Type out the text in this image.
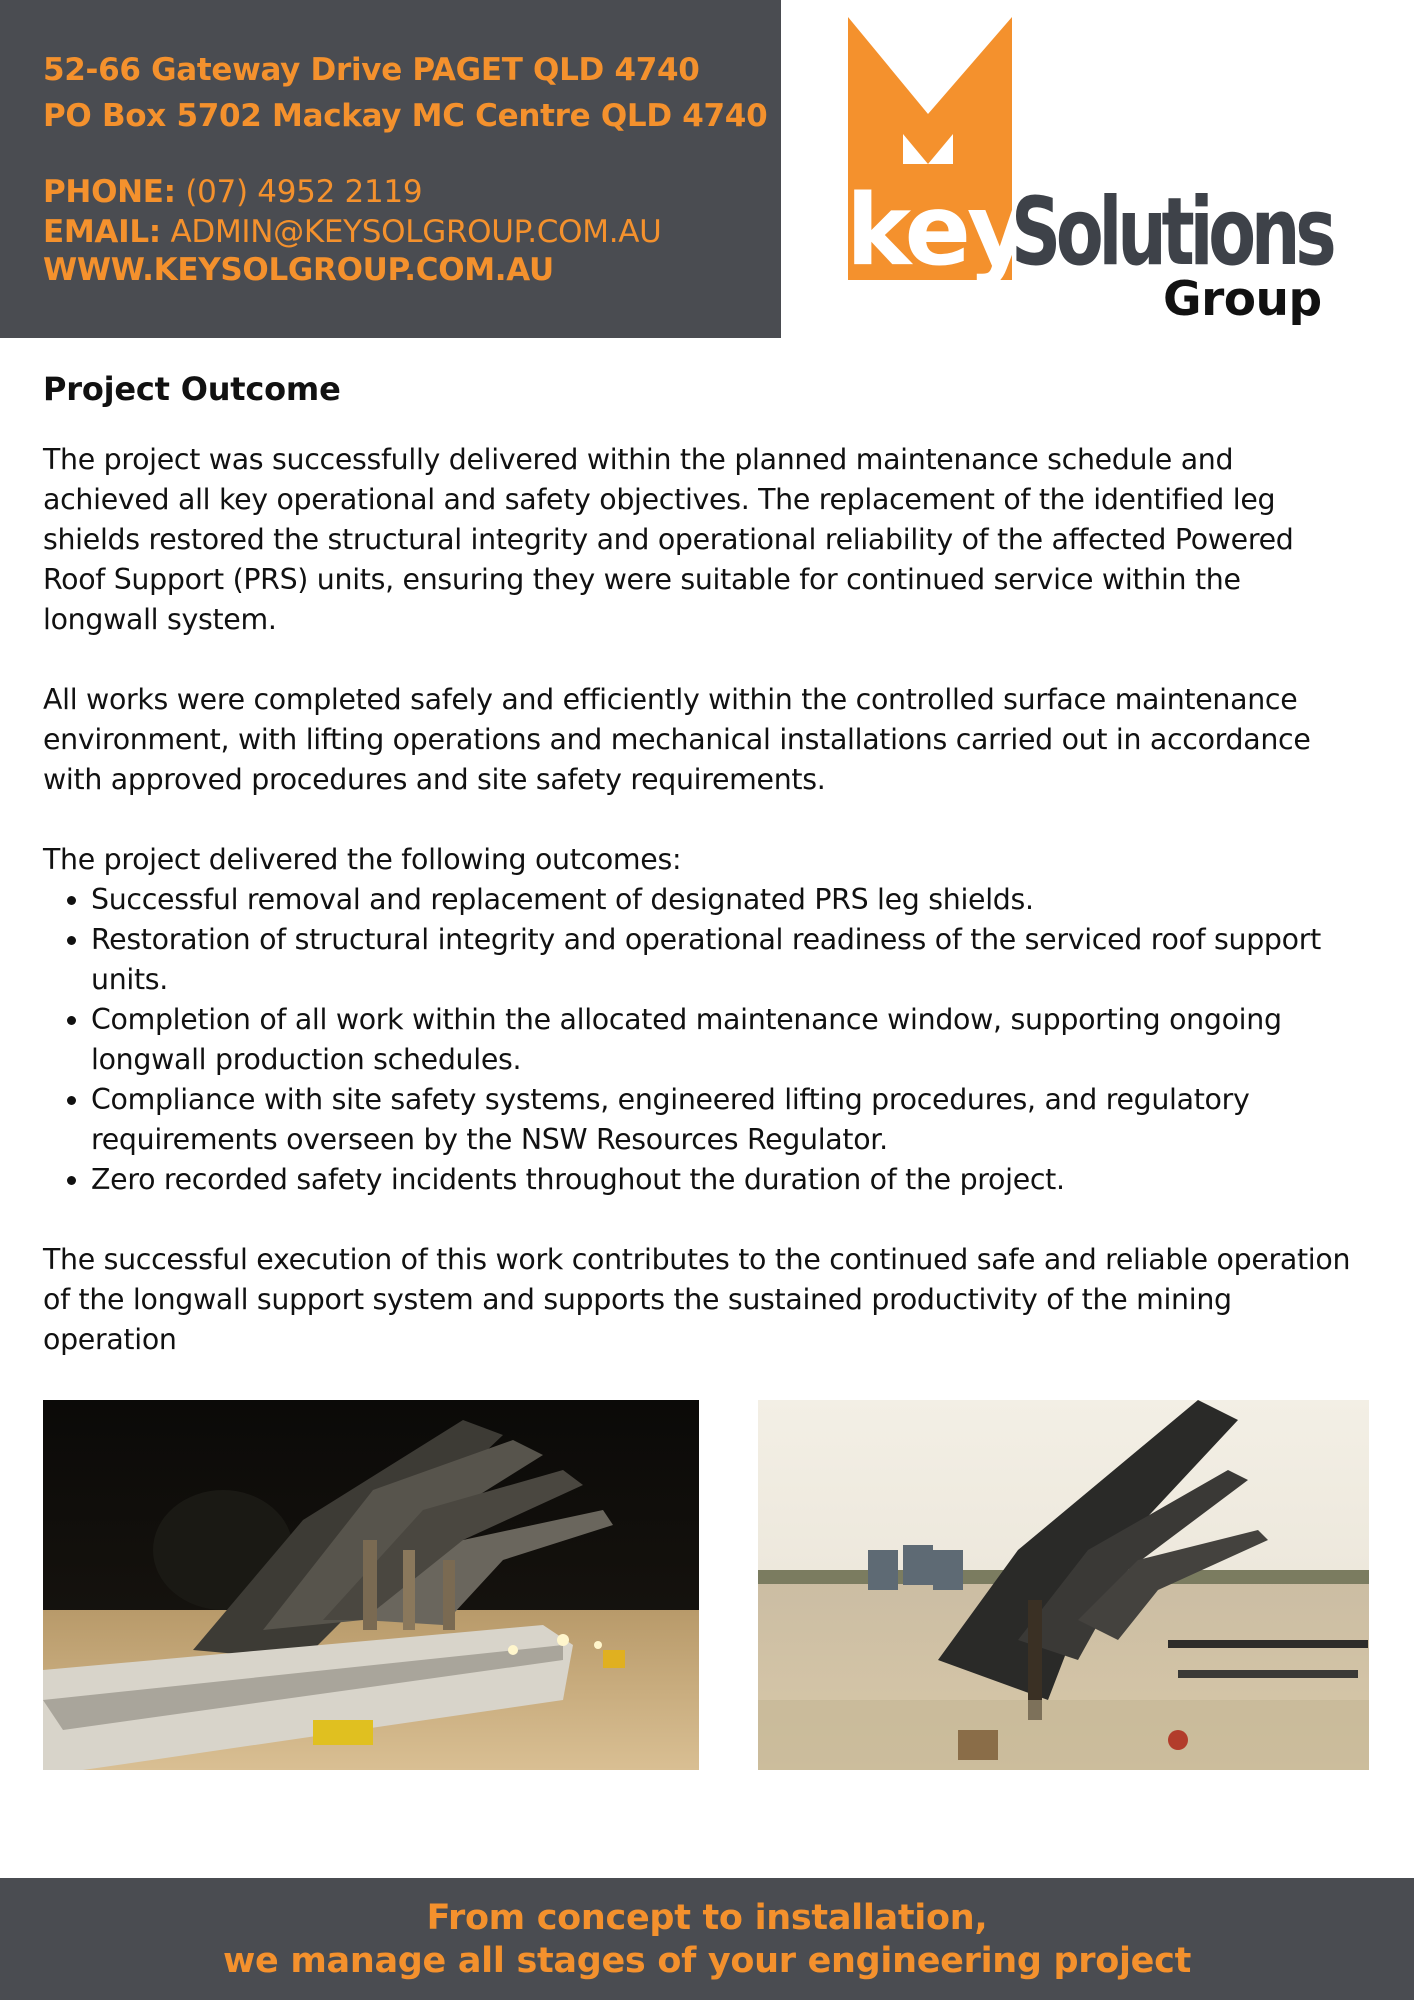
52-66 Gateway Drive PAGET QLD 4740
PO Box 5702 Mackay MC Centre QLD 4740
PHONE: (07) 4952 2119
EMAIL: ADMIN@KEYSOLGROUP.COM.AU
WWW.KEYSOLGROUP.COM.AU	key
Solutions
Group
Project Outcome

The project was successfully delivered within the planned maintenance schedule and achieved all key operational and safety objectives. The replacement of the identified leg shields restored the structural integrity and operational reliability of the affected Powered Roof Support (PRS) units, ensuring they were suitable for continued service within the longwall system.

All works were completed safely and efficiently within the controlled surface maintenance environment, with lifting operations and mechanical installations carried out in accordance with approved procedures and site safety requirements.

The project delivered the following outcomes:

• Successful removal and replacement of designated PRS leg shields.
• Restoration of structural integrity and operational readiness of the serviced roof support units.
• Completion of all work within the allocated maintenance window, supporting ongoing longwall production schedules.
• Compliance with site safety systems, engineered lifting procedures, and regulatory requirements overseen by the NSW Resources Regulator.
• Zero recorded safety incidents throughout the duration of the project.

The successful execution of this work contributes to the continued safe and reliable operation of the longwall support system and supports the sustained productivity of the mining operation

From concept to installation,
we manage all stages of your engineering project
